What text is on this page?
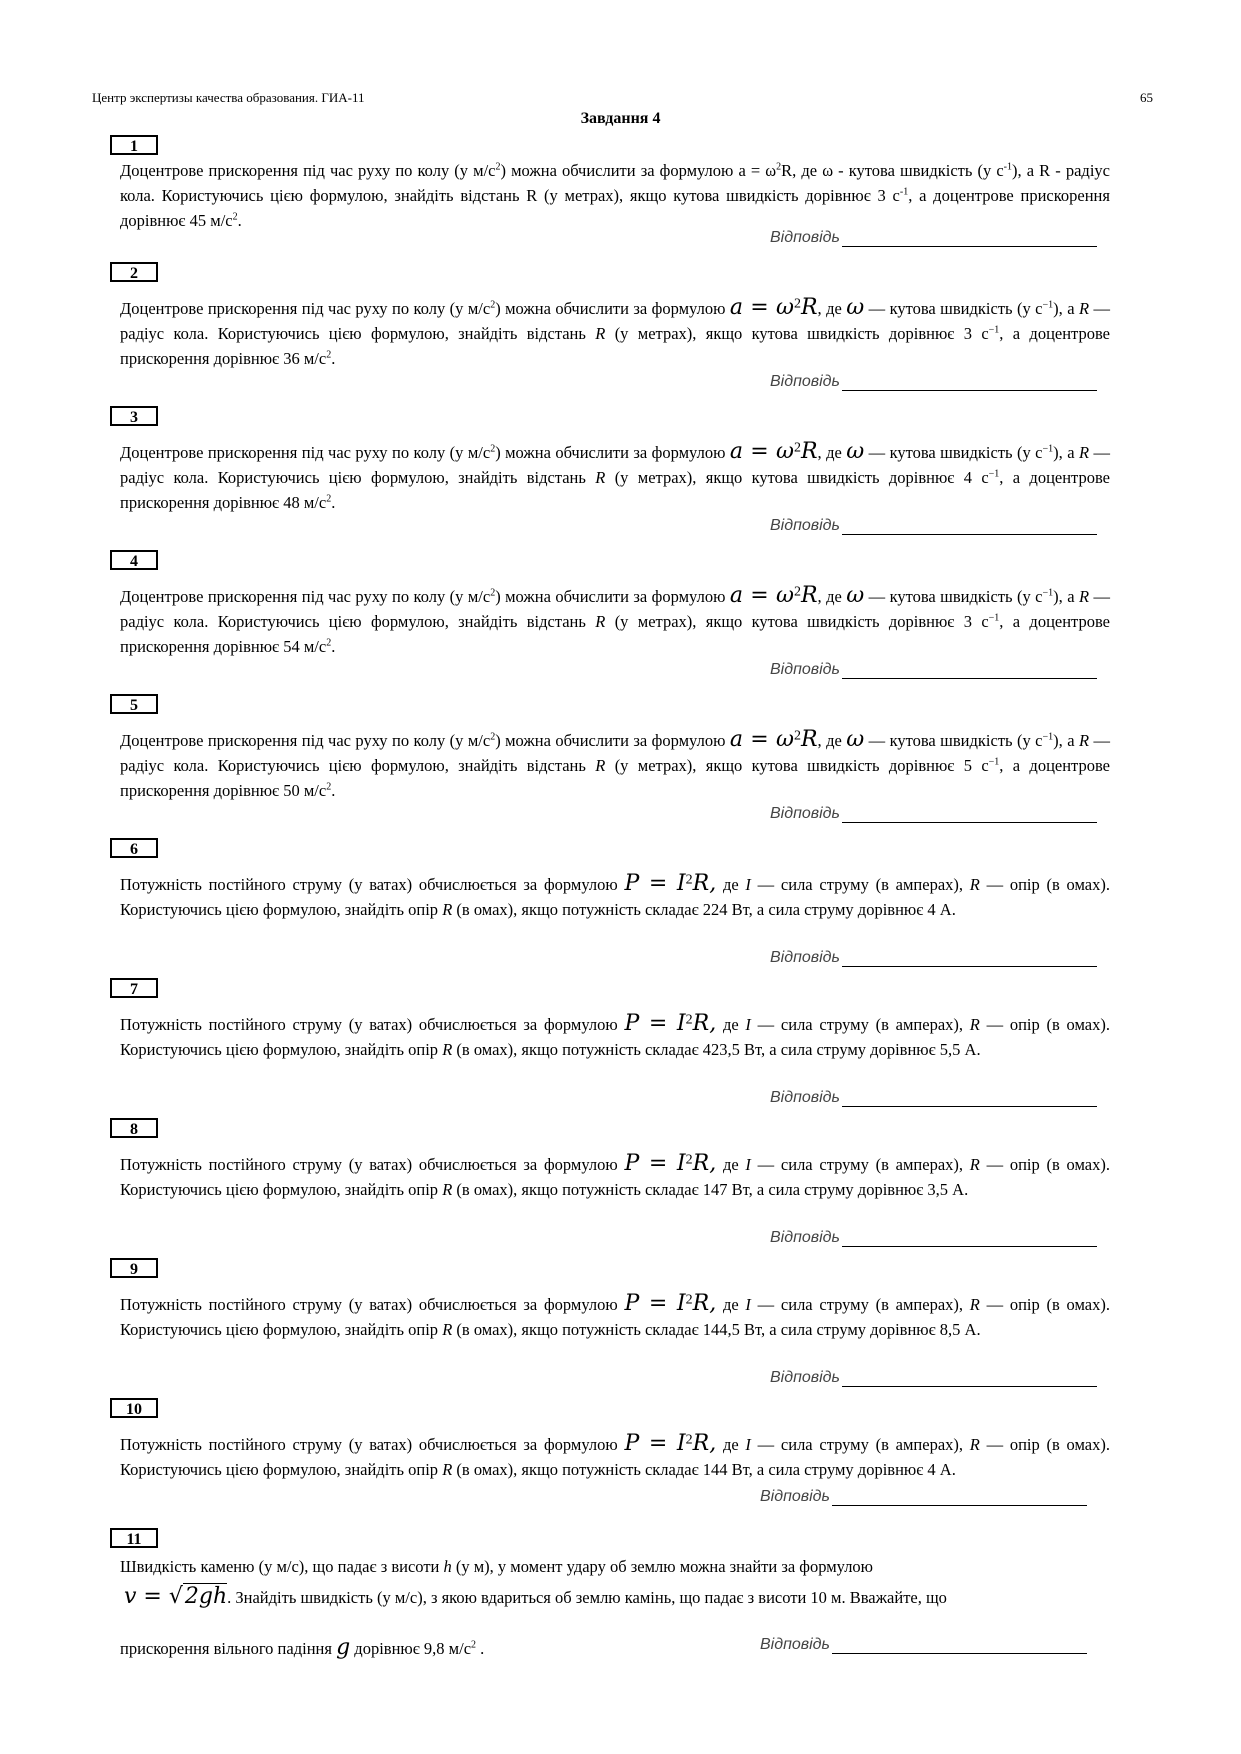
Центр экспертизы качества образования. ГИА-11	65
Завдання 4
1
Доцентрове прискорення під час руху по колу (у $м/с^2$) можна обчислити за формулою $a = \omega^2R$, де ω - кутова швидкість (у $с^{-1}$), а R - радіус кола. Користуючись цією формулою, знайдіть відстань R (у метрах), якщо кутова швидкість дорівнює 3 $с^{-1}$, а доцентрове прискорення дорівнює 45 $м/с^2$.
Відповідь
2
Доцентрове прискорення під час руху по колу (у $м/с^2$) можна обчислити за формулою $a = \omega^2R$, де ω — кутова швидкість (у $с^{-1}$), а R — радіус кола. Користуючись цією формулою, знайдіть відстань R (у метрах), якщо кутова швидкість дорівнює 3 $с^{-1}$, а доцентрове прискорення дорівнює 36 $м/с^2$.
Відповідь
3
Доцентрове прискорення під час руху по колу (у $м/с^2$) можна обчислити за формулою $a = \omega^2R$, де ω — кутова швидкість (у $с^{-1}$), а R — радіус кола. Користуючись цією формулою, знайдіть відстань R (у метрах), якщо кутова швидкість дорівнює 4 $с^{-1}$, а доцентрове прискорення дорівнює 48 $м/с^2$.
Відповідь
4
Доцентрове прискорення під час руху по колу (у $м/с^2$) можна обчислити за формулою $a = \omega^2R$, де ω — кутова швидкість (у $с^{-1}$), а R — радіус кола. Користуючись цією формулою, знайдіть відстань R (у метрах), якщо кутова швидкість дорівнює 3 $с^{-1}$, а доцентрове прискорення дорівнює 54 $м/с^2$.
Відповідь
5
Доцентрове прискорення під час руху по колу (у $м/с^2$) можна обчислити за формулою $a = \omega^2R$, де ω — кутова швидкість (у $с^{-1}$), а R — радіус кола. Користуючись цією формулою, знайдіть відстань R (у метрах), якщо кутова швидкість дорівнює 5 $с^{-1}$, а доцентрове прискорення дорівнює 50 $м/с^2$.
Відповідь
6
Потужність постійного струму (у ватах) обчислюється за формулою $P = I^2R$, де I — сила струму (в амперах), R — опір (в омах). Користуючись цією формулою, знайдіть опір R (в омах), якщо потужність складає 224 Вт, а сила струму дорівнює 4 А.
Відповідь
7
Потужність постійного струму (у ватах) обчислюється за формулою $P = I^2R$, де I — сила струму (в амперах), R — опір (в омах). Користуючись цією формулою, знайдіть опір R (в омах), якщо потужність складає 423,5 Вт, а сила струму дорівнює 5,5 А.
Відповідь
8
Потужність постійного струму (у ватах) обчислюється за формулою $P = I^2R$, де I — сила струму (в амперах), R — опір (в омах). Користуючись цією формулою, знайдіть опір R (в омах), якщо потужність складає 147 Вт, а сила струму дорівнює 3,5 А.
Відповідь
9
Потужність постійного струму (у ватах) обчислюється за формулою $P = I^2R$, де I — сила струму (в амперах), R — опір (в омах). Користуючись цією формулою, знайдіть опір R (в омах), якщо потужність складає 144,5 Вт, а сила струму дорівнює 8,5 А.
Відповідь
10
Потужність постійного струму (у ватах) обчислюється за формулою $P = I^2R$, де I — сила струму (в амперах), R — опір (в омах). Користуючись цією формулою, знайдіть опір R (в омах), якщо потужність складає 144 Вт, а сила струму дорівнює 4 А.
Відповідь
11
Швидкість каменю (у м/с), що падає з висоти h (у м), у момент удару об землю можна знайти за формулою
v = √2gh. Знайдіть швидкість (у м/с), з якою вдариться об землю камінь, що падає з висоти 10 м. Вважайте, що
прискорення вільного падіння g дорівнює 9,8 $м/с^2$ .	Відповідь
